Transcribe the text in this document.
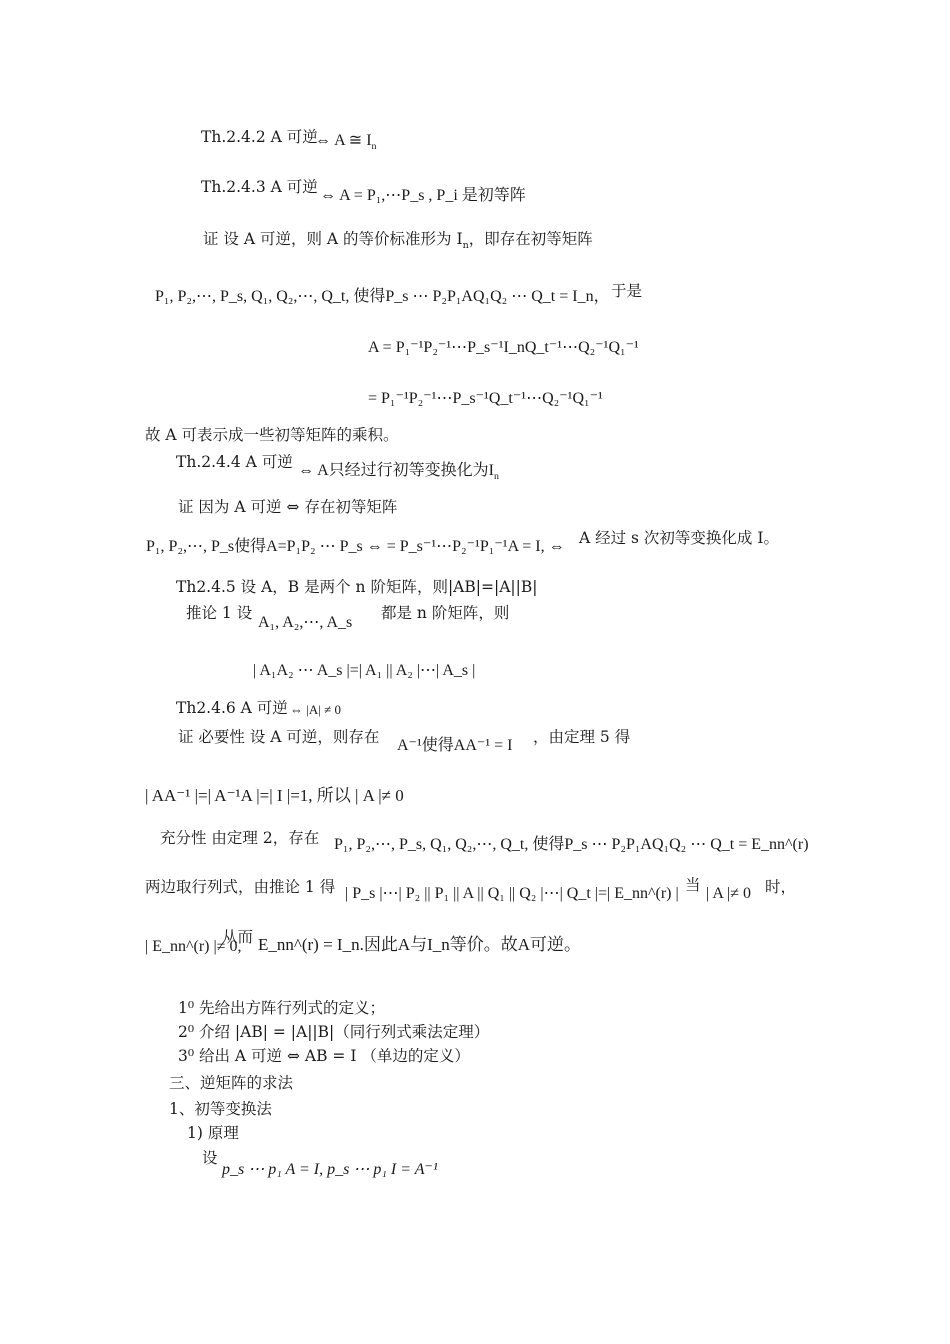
Th.2.4.2 A 可逆
⇔ A ≅ $I_n$
Th.2.4.3 A 可逆 ⇔ A = P₁,⋯P_s , P_i 是初等阵
证 设 A 可逆，则 A 的等价标准形为 $I_n$，即存在初等矩阵
P₁, P₂,⋯, P_s, Q₁, Q₂,⋯, Q_t, 使得P_s ⋯ P₂P₁AQ₁Q₂ ⋯ Q_t = I_n， 于是
A = P₁⁻¹P₂⁻¹⋯P_s⁻¹I_nQ_t⁻¹⋯Q₂⁻¹Q₁⁻¹
= P₁⁻¹P₂⁻¹⋯P_s⁻¹Q_t⁻¹⋯Q₂⁻¹Q₁⁻¹
故 A 可表示成一些初等矩阵的乘积。
Th.2.4.4 A 可逆 ⇔ A只经过行初等变换化为$I_n$
证 因为 A 可逆 ⇔ 存在初等矩阵
P₁, P₂,⋯, P_s使得A=P₁P₂ ⋯ P_s ⇔ = P_s⁻¹⋯P₂⁻¹P₁⁻¹A = I, ⇔ A 经过 s 次初等变换化成 I。
Th2.4.5 设 A，B 是两个 n 阶矩阵，则|AB|=|A||B|
推论 1 设
A₁, A₂,⋯, A_s
都是 n 阶矩阵，则
| A₁A₂ ⋯ A_s |=| A₁ || A₂ |⋯| A_s |
Th2.4.6 A 可逆 ⇔ |A| ≠ 0
证 必要性 设 A 可逆，则存在 A⁻¹使得AA⁻¹ = I ，由定理 5 得
| AA⁻¹ |=| A⁻¹A |=| I |=1, 所以 | A |≠ 0
充分性 由定理 2，存在 P₁, P₂,⋯, P_s, Q₁, Q₂,⋯, Q_t, 使得P_s ⋯ P₂P₁AQ₁Q₂ ⋯ Q_t = E_nn^(r)
两边取行列式，由推论 1 得 | P_s |⋯| P₂ || P₁ || A || Q₁ || Q₂ |⋯| Q_t |=| E_nn^(r) | 当 | A |≠ 0 时，
| E_nn^(r) |≠ 0,
从而 E_nn^(r) = I_n.因此A与I_n等价。故A可逆。
1⁰ 先给出方阵行列式的定义；
2⁰ 介绍 |AB| = |A||B|（同行列式乘法定理）
3⁰ 给出 A 可逆 ⇔ AB = I （单边的定义）
三、逆矩阵的求法
1、初等变换法
1) 原理
设
p_s ⋯ p₁ A = I, p_s ⋯ p₁ I = A⁻¹
